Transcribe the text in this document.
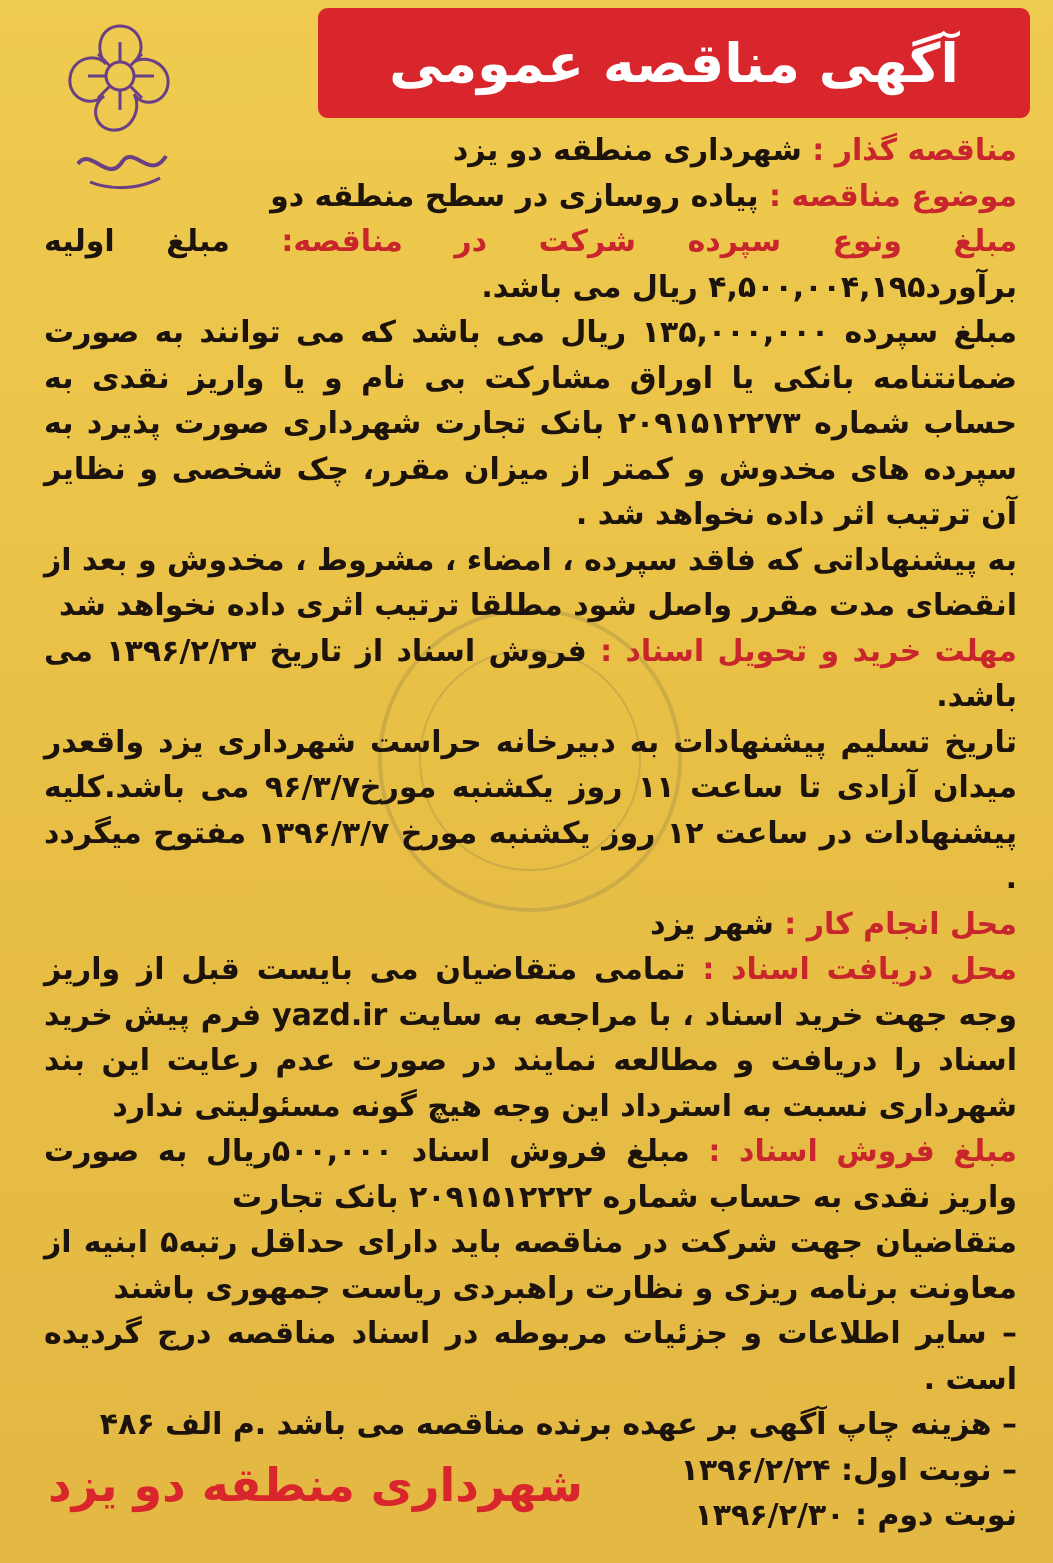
آگهی مناقصه عمومی

مناقصه گذار : شهرداری منطقه دو یزد

موضوع مناقصه : پیاده روسازی در سطح منطقه دو

مبلغ ونوع سپرده شرکت در مناقصه: مبلغ اولیه برآورد۴,۵۰۰,۰۰۴,۱۹۵ ریال می باشد.

مبلغ سپرده ۱۳۵,۰۰۰,۰۰۰ ریال می باشد که می توانند به صورت ضمانتنامه بانکی یا اوراق مشارکت بی نام و یا واریز نقدی به حساب شماره ۲۰۹۱۵۱۲۲۷۳ بانک تجارت شهرداری صورت پذیرد به سپرده های مخدوش و کمتر از میزان مقرر، چک شخصی و نظایر آن ترتیب اثر داده نخواهد شد .

به پیشنهاداتی که فاقد سپرده ، امضاء ، مشروط ، مخدوش و بعد از انقضای مدت مقرر واصل شود مطلقا ترتیب اثری داده نخواهد شد

مهلت خرید و تحویل اسناد : فروش اسناد از تاریخ ۱۳۹۶/۲/۲۳ می باشد.

تاریخ تسلیم پیشنهادات به دبیرخانه حراست شهرداری یزد واقعدر میدان آزادی تا ساعت ۱۱ روز یکشنبه مورخ۹۶/۳/۷ می باشد.کلیه پیشنهادات در ساعت ۱۲ روز یکشنبه مورخ ۱۳۹۶/۳/۷ مفتوح میگردد .

محل انجام کار : شهر یزد

محل دریافت اسناد : تمامی متقاضیان می بایست قبل از واریز وجه جهت خرید اسناد ، با مراجعه به سایت yazd.ir فرم پیش خرید اسناد را دریافت و مطالعه نمایند در صورت عدم رعایت این بند شهرداری نسبت به استرداد این وجه هیچ گونه مسئولیتی ندارد

مبلغ فروش اسناد : مبلغ فروش اسناد ۵۰۰,۰۰۰ریال به صورت واریز نقدی به حساب شماره ۲۰۹۱۵۱۲۲۲۲ بانک تجارت

متقاضیان جهت شرکت در مناقصه باید دارای حداقل رتبه۵ ابنیه از معاونت برنامه ریزی و نظارت راهبردی ریاست جمهوری باشند

– سایر اطلاعات و جزئیات مربوطه در اسناد مناقصه درج گردیده است .

– هزینه چاپ آگهی بر عهده برنده مناقصه می باشد .م الف ۴۸۶

– نوبت اول: ۱۳۹۶/۲/۲۴

نوبت دوم : ۱۳۹۶/۲/۳۰

شهرداری منطقه دو یزد
